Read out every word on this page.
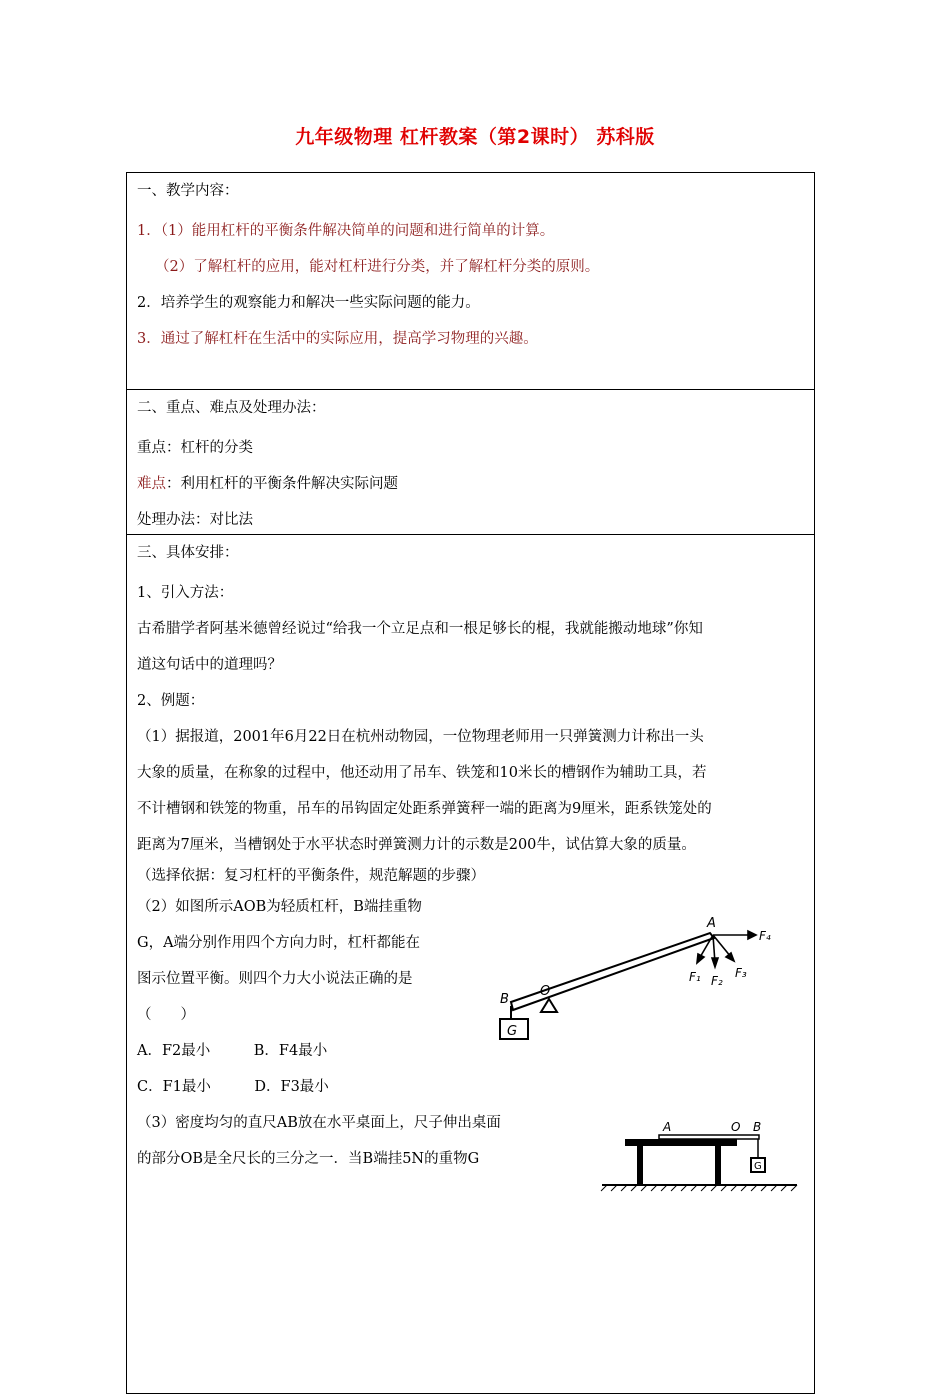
九年级物理 杠杆教案（第2课时） 苏科版
一、教学内容：
1．（1）能用杠杆的平衡条件解决简单的问题和进行简单的计算。
（2）了解杠杆的应用，能对杠杆进行分类，并了解杠杆分类的原则。
2．培养学生的观察能力和解决一些实际问题的能力。
3．通过了解杠杆在生活中的实际应用，提高学习物理的兴趣。
二、重点、难点及处理办法：
重点：杠杆的分类
难点：利用杠杆的平衡条件解决实际问题
处理办法：对比法
三、具体安排：
1、引入方法：
古希腊学者阿基米德曾经说过“给我一个立足点和一根足够长的棍，我就能搬动地球”你知
道这句话中的道理吗？
2、例题：
（1）据报道，2001年6月22日在杭州动物园，一位物理老师用一只弹簧测力计称出一头
大象的质量，在称象的过程中，他还动用了吊车、铁笼和10米长的槽钢作为辅助工具，若
不计槽钢和铁笼的物重，吊车的吊钩固定处距系弹簧秤一端的距离为9厘米，距系铁笼处的
距离为7厘米，当槽钢处于水平状态时弹簧测力计的示数是200牛，试估算大象的质量。
（选择依据：复习杠杆的平衡条件，规范解题的步骤）
（2）如图所示AOB为轻质杠杆，B端挂重物
G，A端分别作用四个方向力时，杠杆都能在
图示位置平衡。则四个力大小说法正确的是
（　　）
A．F2最小　　　B．F4最小
C．F1最小　　　D．F3最小
（3）密度均匀的直尺AB放在水平桌面上，尺子伸出桌面
的部分OB是全尺长的三分之一．当B端挂5N的重物G
G
B
O
A
F₁ F₂
F₃
F₄
G
A	O B
